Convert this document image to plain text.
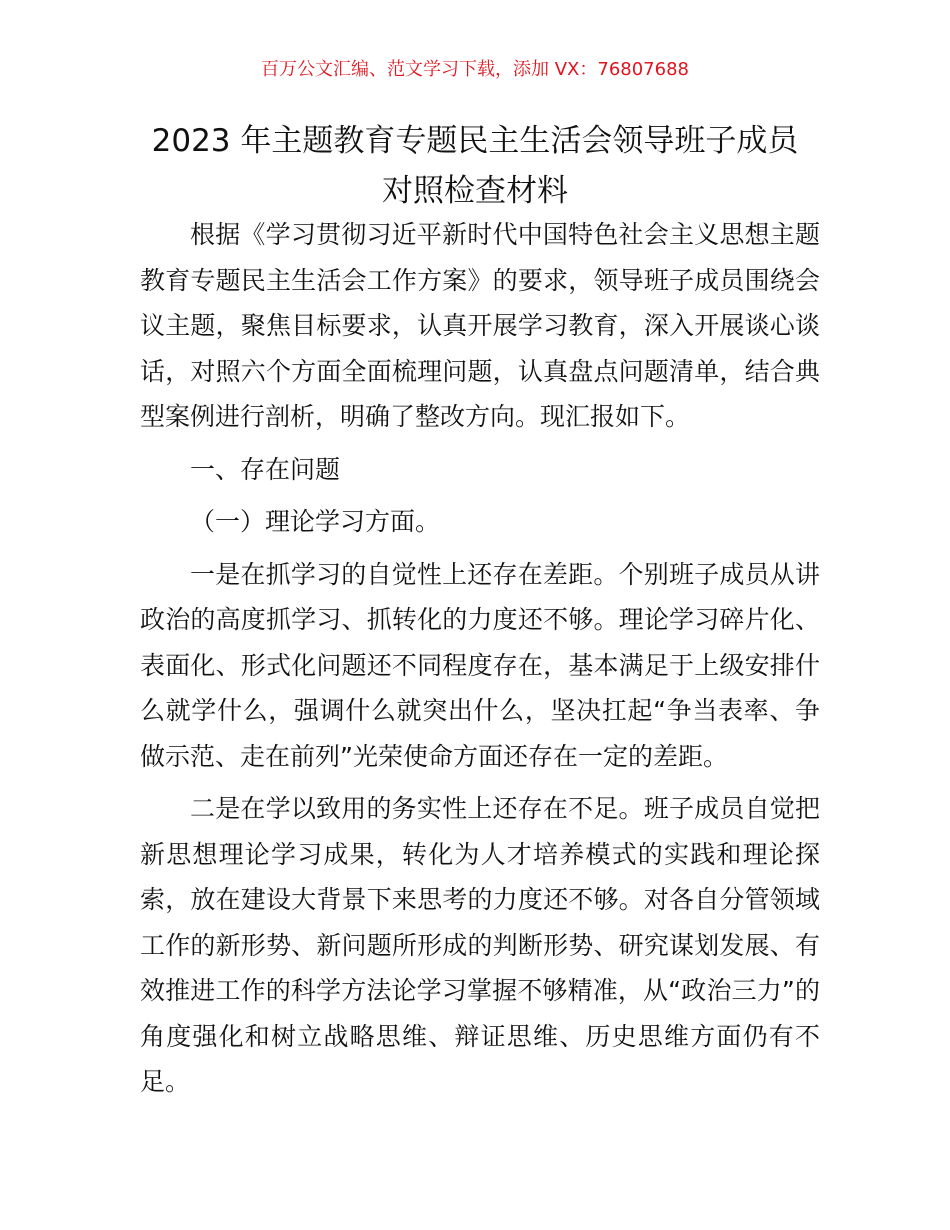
百万公文汇编、范文学习下载，添加 VX：76807688
2023 年主题教育专题民主生活会领导班子成员
对照检查材料

根据《学习贯彻习近平新时代中国特色社会主义思想主题教育专题民主生活会工作方案》的要求，领导班子成员围绕会议主题，聚焦目标要求，认真开展学习教育，深入开展谈心谈话，对照六个方面全面梳理问题，认真盘点问题清单，结合典型案例进行剖析，明确了整改方向。现汇报如下。

一、存在问题

（一）理论学习方面。

一是在抓学习的自觉性上还存在差距。个别班子成员从讲政治的高度抓学习、抓转化的力度还不够。理论学习碎片化、表面化、形式化问题还不同程度存在，基本满足于上级安排什么就学什么，强调什么就突出什么，坚决扛起“争当表率、争做示范、走在前列”光荣使命方面还存在一定的差距。

二是在学以致用的务实性上还存在不足。班子成员自觉把新思想理论学习成果，转化为人才培养模式的实践和理论探索，放在建设大背景下来思考的力度还不够。对各自分管领域工作的新形势、新问题所形成的判断形势、研究谋划发展、有效推进工作的科学方法论学习掌握不够精准，从“政治三力”的角度强化和树立战略思维、辩证思维、历史思维方面仍有不足。
